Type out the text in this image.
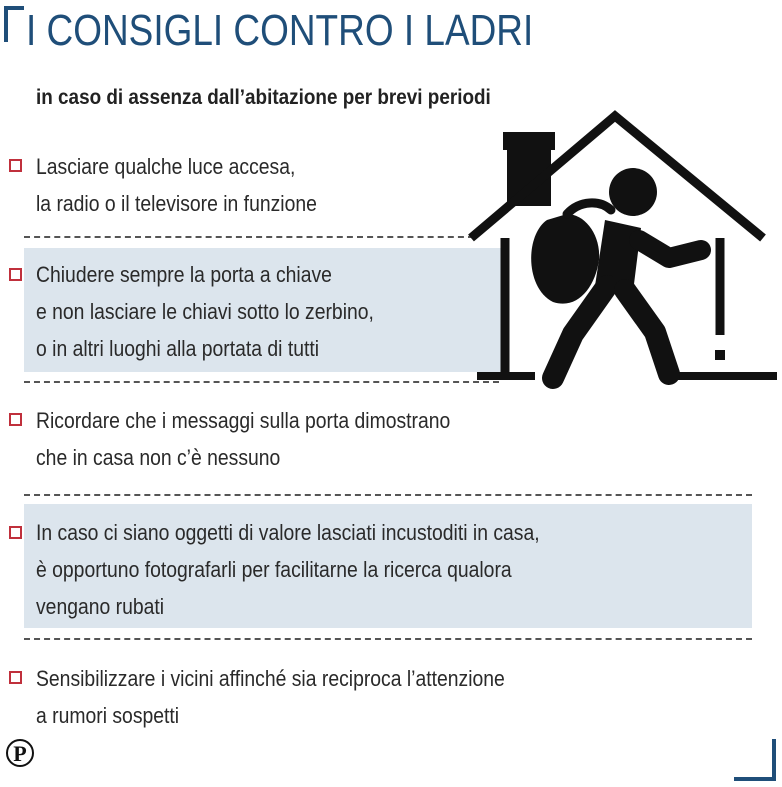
I CONSIGLI CONTRO I LADRI
in caso di assenza dall’abitazione per brevi periodi
Lasciare qualche luce accesa,
la radio o il televisore in funzione
Chiudere sempre la porta a chiave
e non lasciare le chiavi sotto lo zerbino,
o in altri luoghi alla portata di tutti
Ricordare che i messaggi sulla porta dimostrano
che in casa non c’è nessuno
In caso ci siano oggetti di valore lasciati incustoditi in casa,
è opportuno fotografarli per facilitarne la ricerca qualora
vengano rubati
Sensibilizzare i vicini affinché sia reciproca l’attenzione
a rumori sospetti
P
